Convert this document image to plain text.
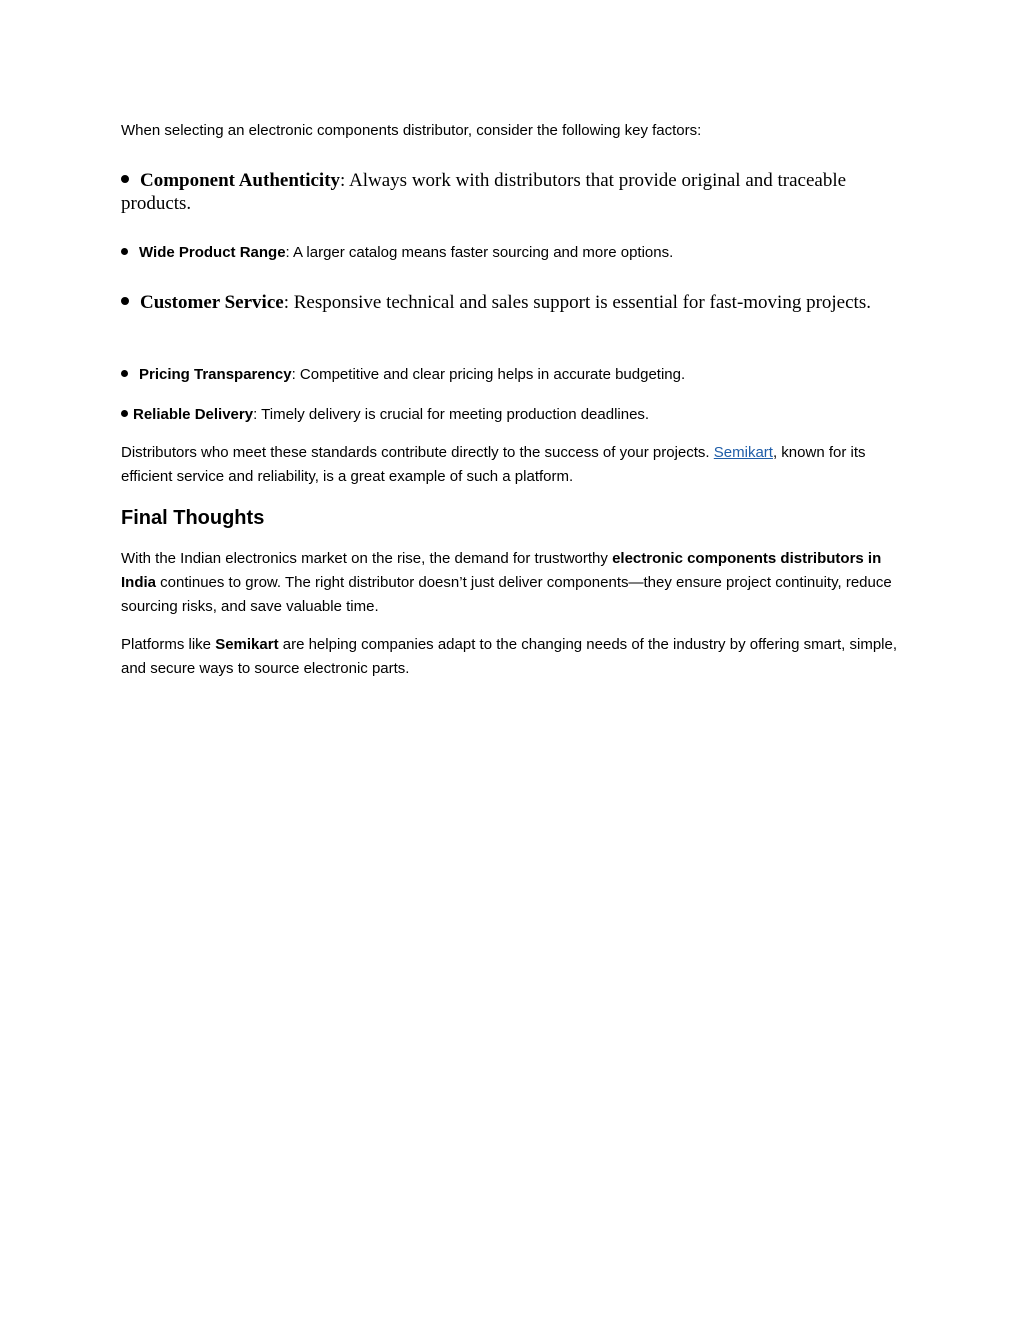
When selecting an electronic components distributor, consider the following key factors:

Component Authenticity: Always work with distributors that provide original and traceable products.
Wide Product Range: A larger catalog means faster sourcing and more options.
Customer Service: Responsive technical and sales support is essential for fast-moving projects.
Pricing Transparency: Competitive and clear pricing helps in accurate budgeting.
Reliable Delivery: Timely delivery is crucial for meeting production deadlines.

Distributors who meet these standards contribute directly to the success of your projects. Semikart, known for its efficient service and reliability, is a great example of such a platform.

Final Thoughts

With the Indian electronics market on the rise, the demand for trustworthy electronic components distributors in India continues to grow. The right distributor doesn’t just deliver components—they ensure project continuity, reduce sourcing risks, and save valuable time.

Platforms like Semikart are helping companies adapt to the changing needs of the industry by offering smart, simple, and secure ways to source electronic parts.
